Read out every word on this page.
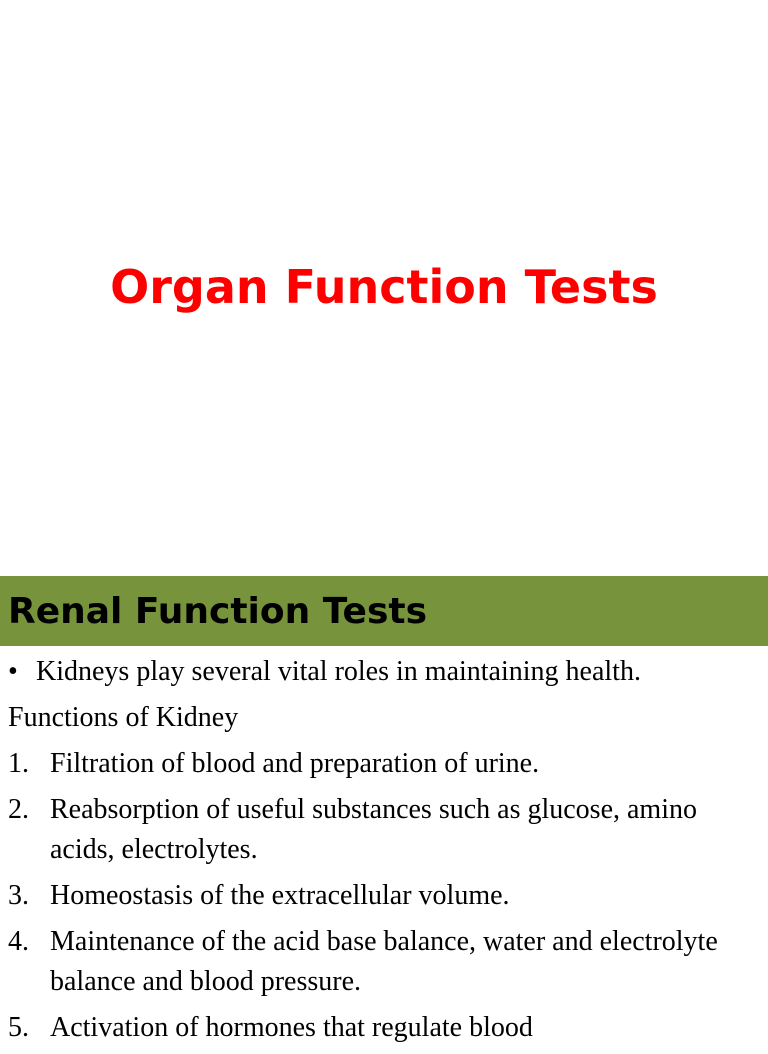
Organ Function Tests
Renal Function Tests
• Kidneys play several vital roles in maintaining health.
Functions of Kidney
1. Filtration of blood and preparation of urine.
2. Reabsorption of useful substances such as glucose, amino acids, electrolytes.
3. Homeostasis of the extracellular volume.
4. Maintenance of the acid base balance, water and electrolyte balance and blood pressure.
5. Activation of hormones that regulate blood
